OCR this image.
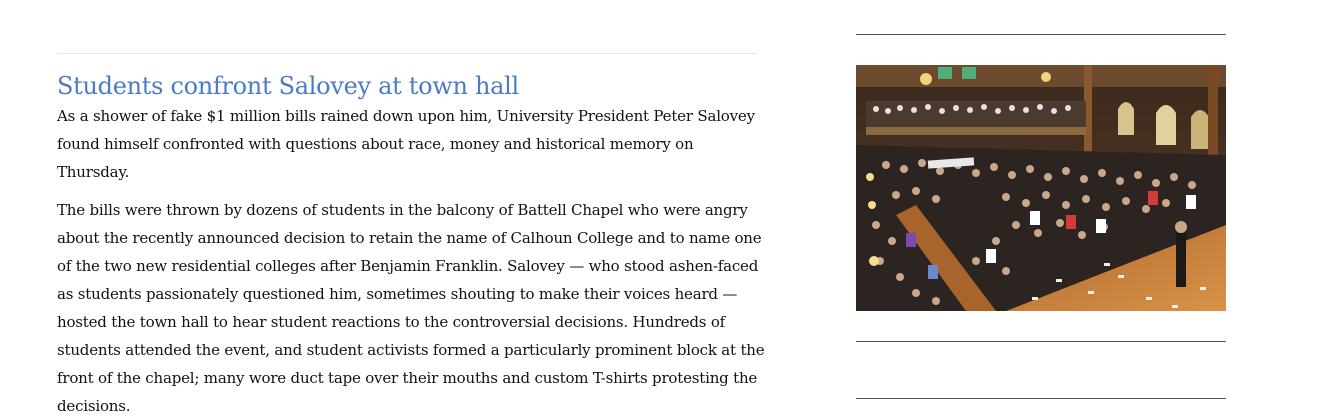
Students confront Salovey at town hall

As a shower of fake $1 million bills rained down upon him, University President Peter Salovey found himself confronted with questions about race, money and historical memory on Thursday.

The bills were thrown by dozens of students in the balcony of Battell Chapel who were angry about the recently announced decision to retain the name of Calhoun College and to name one of the two new residential colleges after Benjamin Franklin. Salovey — who stood ashen-faced as students passionately questioned him, sometimes shouting to make their voices heard — hosted the town hall to hear student reactions to the controversial decisions. Hundreds of students attended the event, and student activists formed a particularly prominent block at the front of the chapel; many wore duct tape over their mouths and custom T-shirts protesting the decisions.
